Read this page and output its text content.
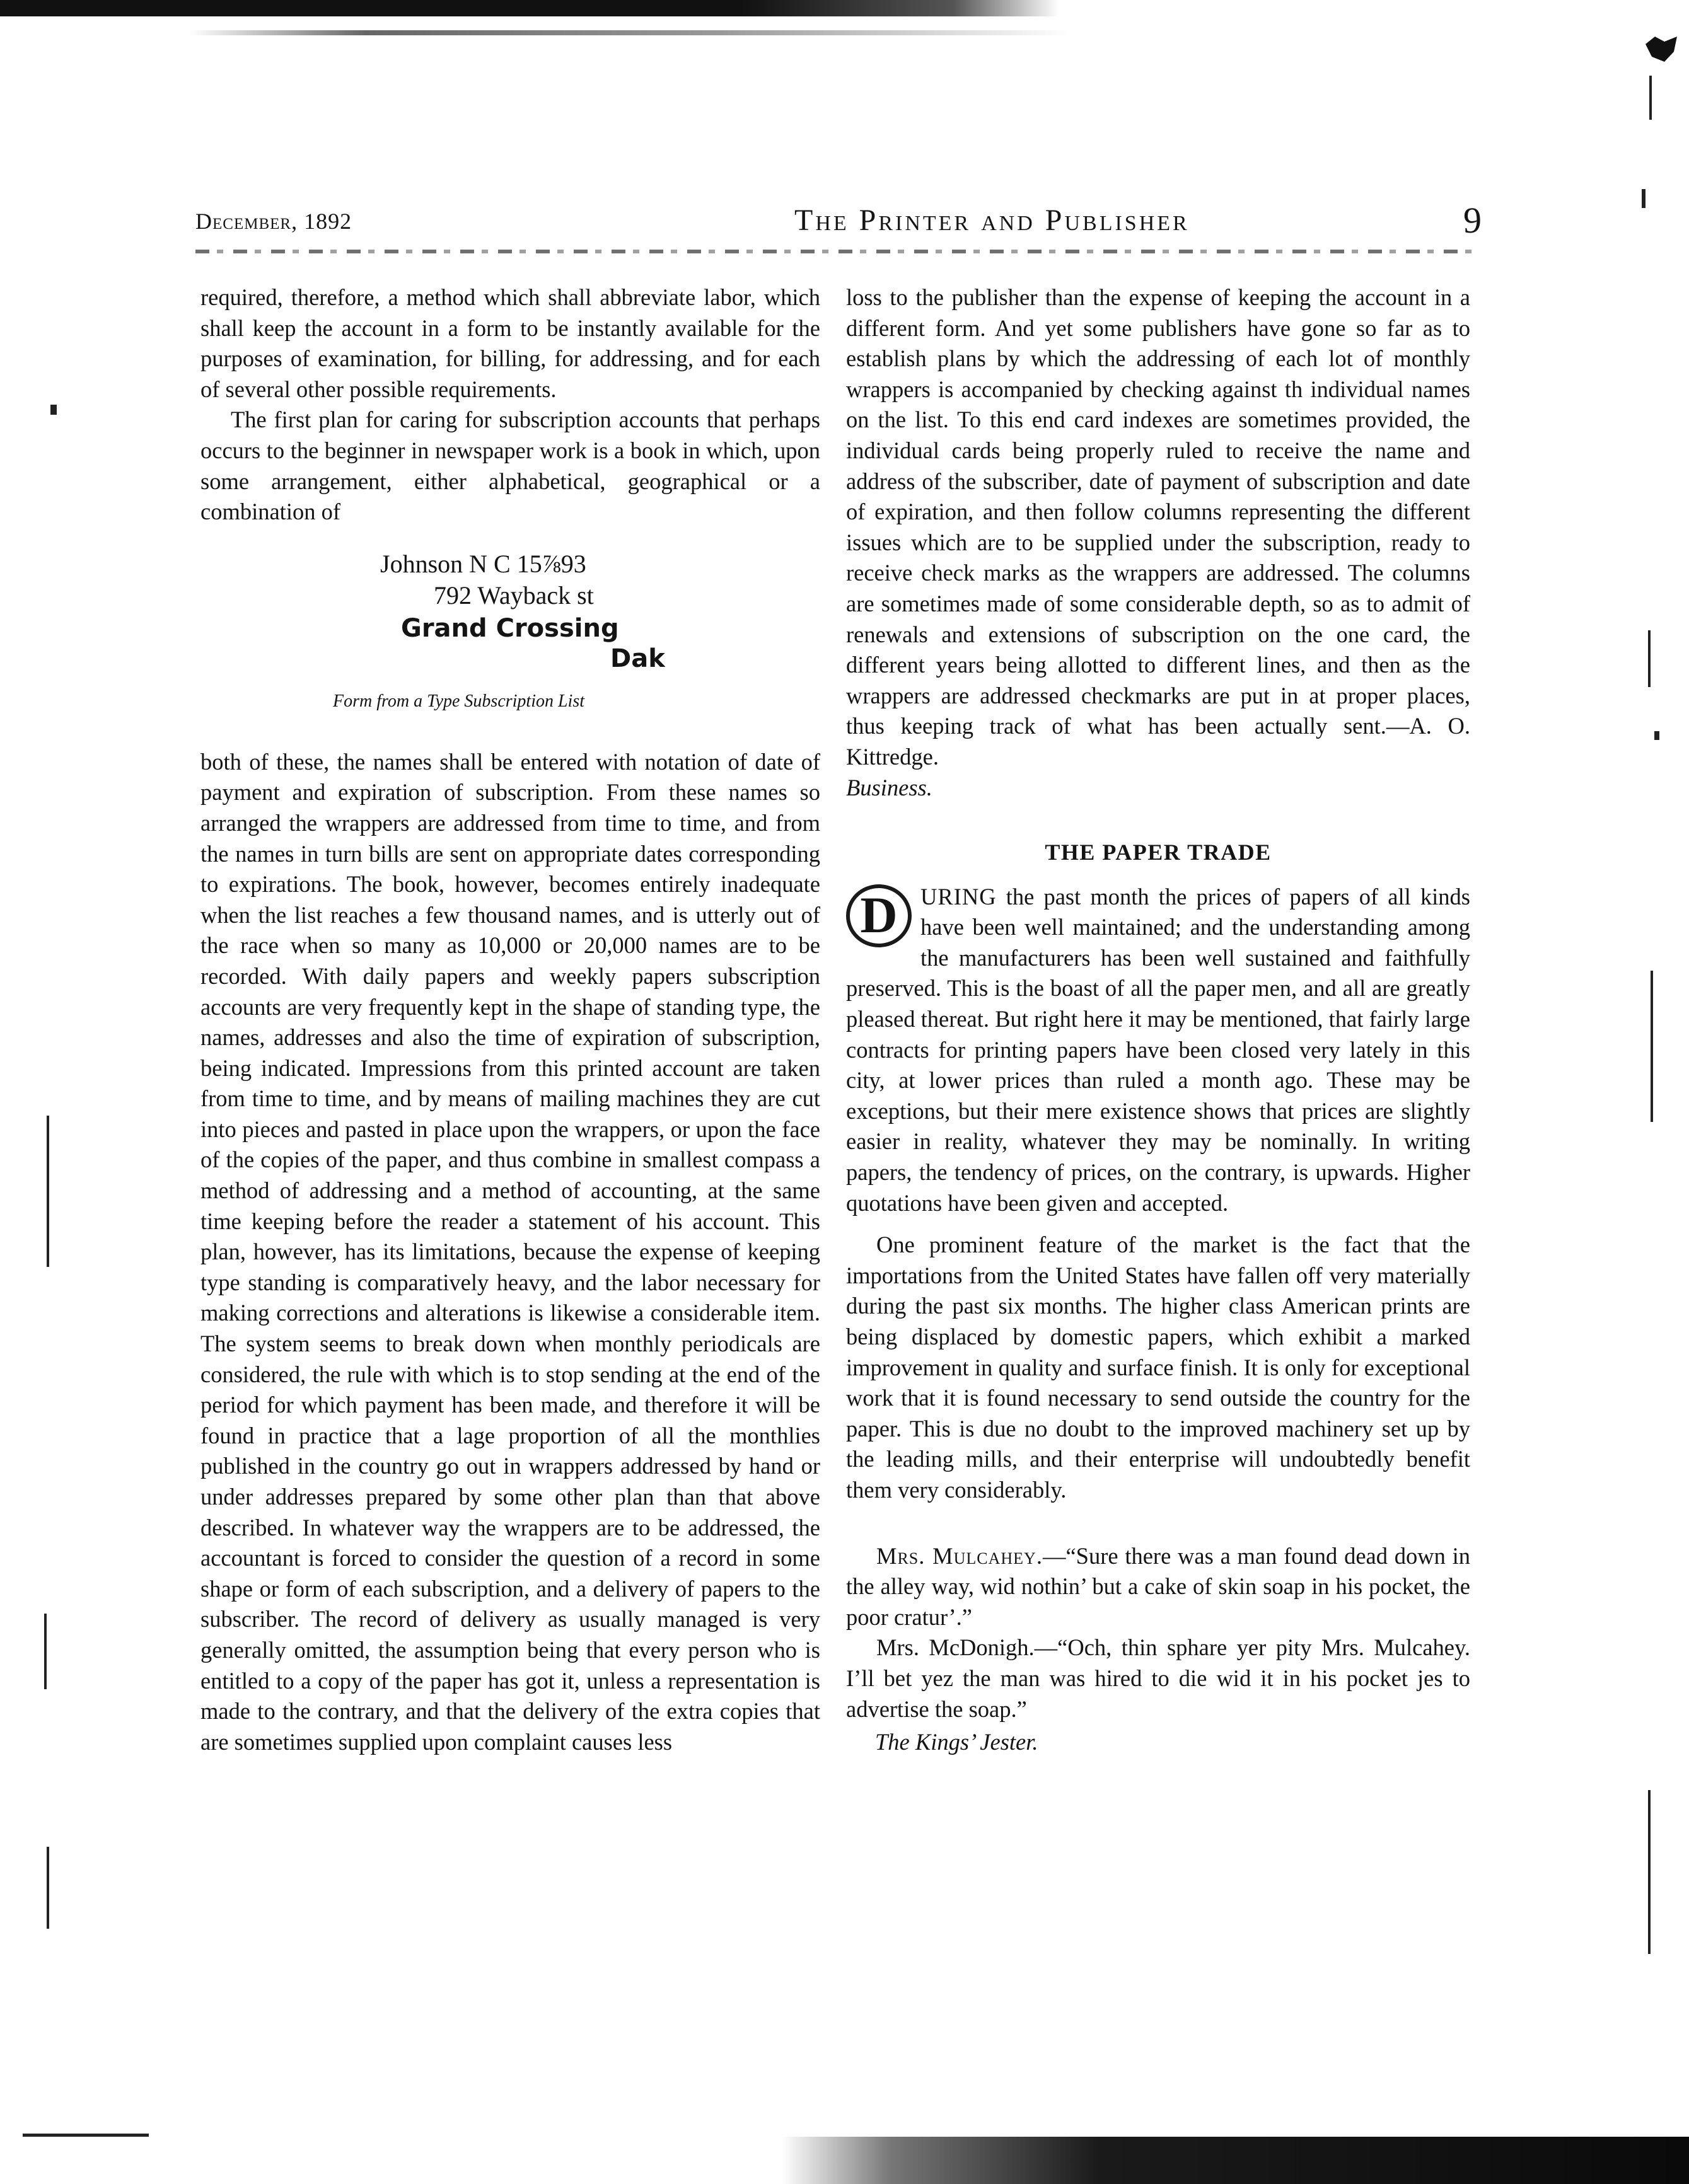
December, 1892	The Printer and Publisher	9

required, therefore, a method which shall abbreviate labor, which shall keep the account in a form to be instantly available for the purposes of examination, for billing, for addressing, and for each of several other possible requirements.

The first plan for caring for subscription accounts that perhaps occurs to the beginner in newspaper work is a book in which, upon some arrangement, either alphabetical, geographical or a combination of

Johnson N C 15⅞93
792 Wayback st
Grand Crossing
Dak
Form from a Type Subscription List

both of these, the names shall be entered with notation of date of payment and expiration of subscription. From these names so arranged the wrappers are addressed from time to time, and from the names in turn bills are sent on appropriate dates corresponding to expirations. The book, however, becomes entirely inadequate when the list reaches a few thousand names, and is utterly out of the race when so many as 10,000 or 20,000 names are to be recorded. With daily papers and weekly papers subscription accounts are very frequently kept in the shape of standing type, the names, addresses and also the time of expiration of subscription, being indicated. Impressions from this printed account are taken from time to time, and by means of mailing machines they are cut into pieces and pasted in place upon the wrappers, or upon the face of the copies of the paper, and thus combine in smallest compass a method of addressing and a method of accounting, at the same time keeping before the reader a statement of his account. This plan, however, has its limitations, because the expense of keeping type standing is comparatively heavy, and the labor necessary for making corrections and alterations is likewise a considerable item. The system seems to break down when monthly periodicals are considered, the rule with which is to stop sending at the end of the period for which payment has been made, and therefore it will be found in practice that a lage proportion of all the monthlies published in the country go out in wrappers addressed by hand or under addresses prepared by some other plan than that above described. In whatever way the wrappers are to be addressed, the accountant is forced to consider the question of a record in some shape or form of each subscription, and a delivery of papers to the subscriber. The record of delivery as usually managed is very generally omitted, the assumption being that every person who is entitled to a copy of the paper has got it, unless a representation is made to the contrary, and that the delivery of the extra copies that are sometimes supplied upon complaint causes less

loss to the publisher than the expense of keeping the account in a different form. And yet some publishers have gone so far as to establish plans by which the addressing of each lot of monthly wrappers is accompanied by checking against th individual names on the list. To this end card indexes are sometimes provided, the individual cards being properly ruled to receive the name and address of the subscriber, date of payment of subscription and date of expiration, and then follow columns representing the different issues which are to be supplied under the subscription, ready to receive check marks as the wrappers are addressed. The columns are sometimes made of some considerable depth, so as to admit of renewals and extensions of subscription on the one card, the different years being allotted to different lines, and then as the wrappers are addressed checkmarks are put in at proper places, thus keeping track of what has been actually sent.—A. O. Kittredge.

Business.

THE PAPER TRADE

D URING the past month the prices of papers of all kinds have been well maintained; and the understanding among the manufacturers has been well sustained and faithfully preserved. This is the boast of all the paper men, and all are greatly pleased thereat. But right here it may be mentioned, that fairly large contracts for printing papers have been closed very lately in this city, at lower prices than ruled a month ago. These may be exceptions, but their mere existence shows that prices are slightly easier in reality, whatever they may be nominally. In writing papers, the tendency of prices, on the contrary, is upwards. Higher quotations have been given and accepted.

One prominent feature of the market is the fact that the importations from the United States have fallen off very materially during the past six months. The higher class American prints are being displaced by domestic papers, which exhibit a marked improvement in quality and surface finish. It is only for exceptional work that it is found necessary to send outside the country for the paper. This is due no doubt to the improved machinery set up by the leading mills, and their enterprise will undoubtedly benefit them very considerably.

Mrs. Mulcahey.—“Sure there was a man found dead down in the alley way, wid nothin’ but a cake of skin soap in his pocket, the poor cratur’.”

Mrs. McDonigh.—“Och, thin sphare yer pity Mrs. Mulcahey. I’ll bet yez the man was hired to die wid it in his pocket jes to advertise the soap.”

The Kings’ Jester.
